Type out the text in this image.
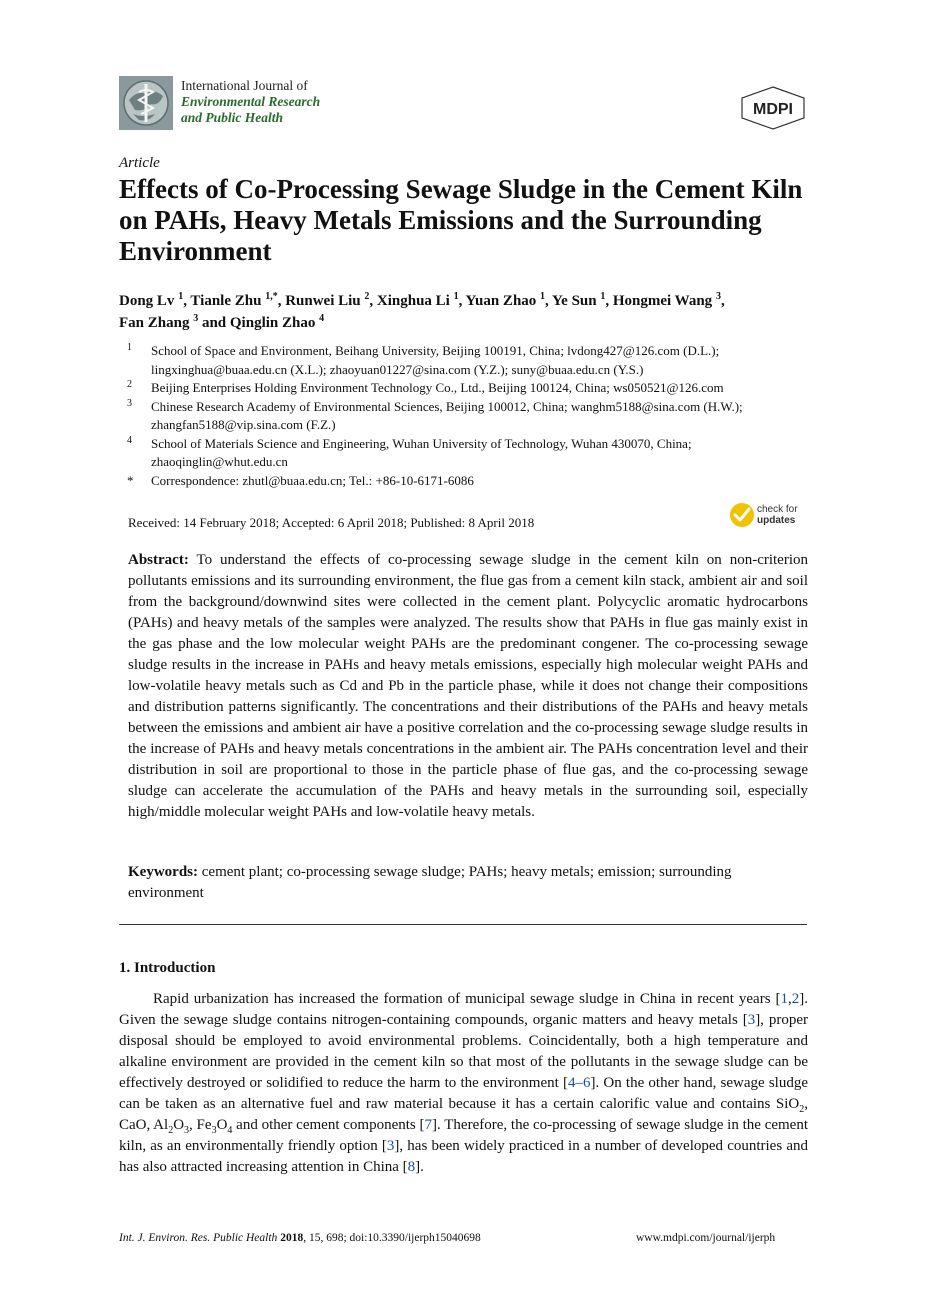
International Journal of
Environmental Research
and Public Health	MDPI
Article
Effects of Co-Processing Sewage Sludge in the Cement Kiln on PAHs, Heavy Metals Emissions and the Surrounding Environment
Dong Lv $^1$, Tianle Zhu $^{1,*}$, Runwei Liu $^2$, Xinghua Li $^1$, Yuan Zhao $^1$, Ye Sun $^1$, Hongmei Wang $^3$,
Fan Zhang $^3$ and Qinglin Zhao $^4$
1 School of Space and Environment, Beihang University, Beijing 100191, China; lvdong427@126.com (D.L.); lingxinghua@buaa.edu.cn (X.L.); zhaoyuan01227@sina.com (Y.Z.); suny@buaa.edu.cn (Y.S.)
2 Beijing Enterprises Holding Environment Technology Co., Ltd., Beijing 100124, China; ws050521@126.com
3 Chinese Research Academy of Environmental Sciences, Beijing 100012, China; wanghm5188@sina.com (H.W.); zhangfan5188@vip.sina.com (F.Z.)
4 School of Materials Science and Engineering, Wuhan University of Technology, Wuhan 430070, China; zhaoqinglin@whut.edu.cn
* Correspondence: zhutl@buaa.edu.cn; Tel.: +86-10-6171-6086
Received: 14 February 2018; Accepted: 6 April 2018; Published: 8 April 2018
check for
updates
Abstract: To understand the effects of co-processing sewage sludge in the cement kiln on non-criterion pollutants emissions and its surrounding environment, the flue gas from a cement kiln stack, ambient air and soil from the background/downwind sites were collected in the cement plant. Polycyclic aromatic hydrocarbons (PAHs) and heavy metals of the samples were analyzed. The results show that PAHs in flue gas mainly exist in the gas phase and the low molecular weight PAHs are the predominant congener. The co-processing sewage sludge results in the increase in PAHs and heavy metals emissions, especially high molecular weight PAHs and low-volatile heavy metals such as Cd and Pb in the particle phase, while it does not change their compositions and distribution patterns significantly. The concentrations and their distributions of the PAHs and heavy metals between the emissions and ambient air have a positive correlation and the co-processing sewage sludge results in the increase of PAHs and heavy metals concentrations in the ambient air. The PAHs concentration level and their distribution in soil are proportional to those in the particle phase of flue gas, and the co-processing sewage sludge can accelerate the accumulation of the PAHs and heavy metals in the surrounding soil, especially high/middle molecular weight PAHs and low-volatile heavy metals.
Keywords: cement plant; co-processing sewage sludge; PAHs; heavy metals; emission; surrounding environment
1. Introduction
Rapid urbanization has increased the formation of municipal sewage sludge in China in recent years [1,2]. Given the sewage sludge contains nitrogen-containing compounds, organic matters and heavy metals [3], proper disposal should be employed to avoid environmental problems. Coincidentally, both a high temperature and alkaline environment are provided in the cement kiln so that most of the pollutants in the sewage sludge can be effectively destroyed or solidified to reduce the harm to the environment [4–6]. On the other hand, sewage sludge can be taken as an alternative fuel and raw material because it has a certain calorific value and contains SiO$_2$, CaO, $Al_2O_3$, $Fe_3O_4$ and other cement components [7]. Therefore, the co-processing of sewage sludge in the cement kiln, as an environmentally friendly option [3], has been widely practiced in a number of developed countries and has also attracted increasing attention in China [8].
Int. J. Environ. Res. Public Health 2018, 15, 698; doi:10.3390/ijerph15040698	www.mdpi.com/journal/ijerph
